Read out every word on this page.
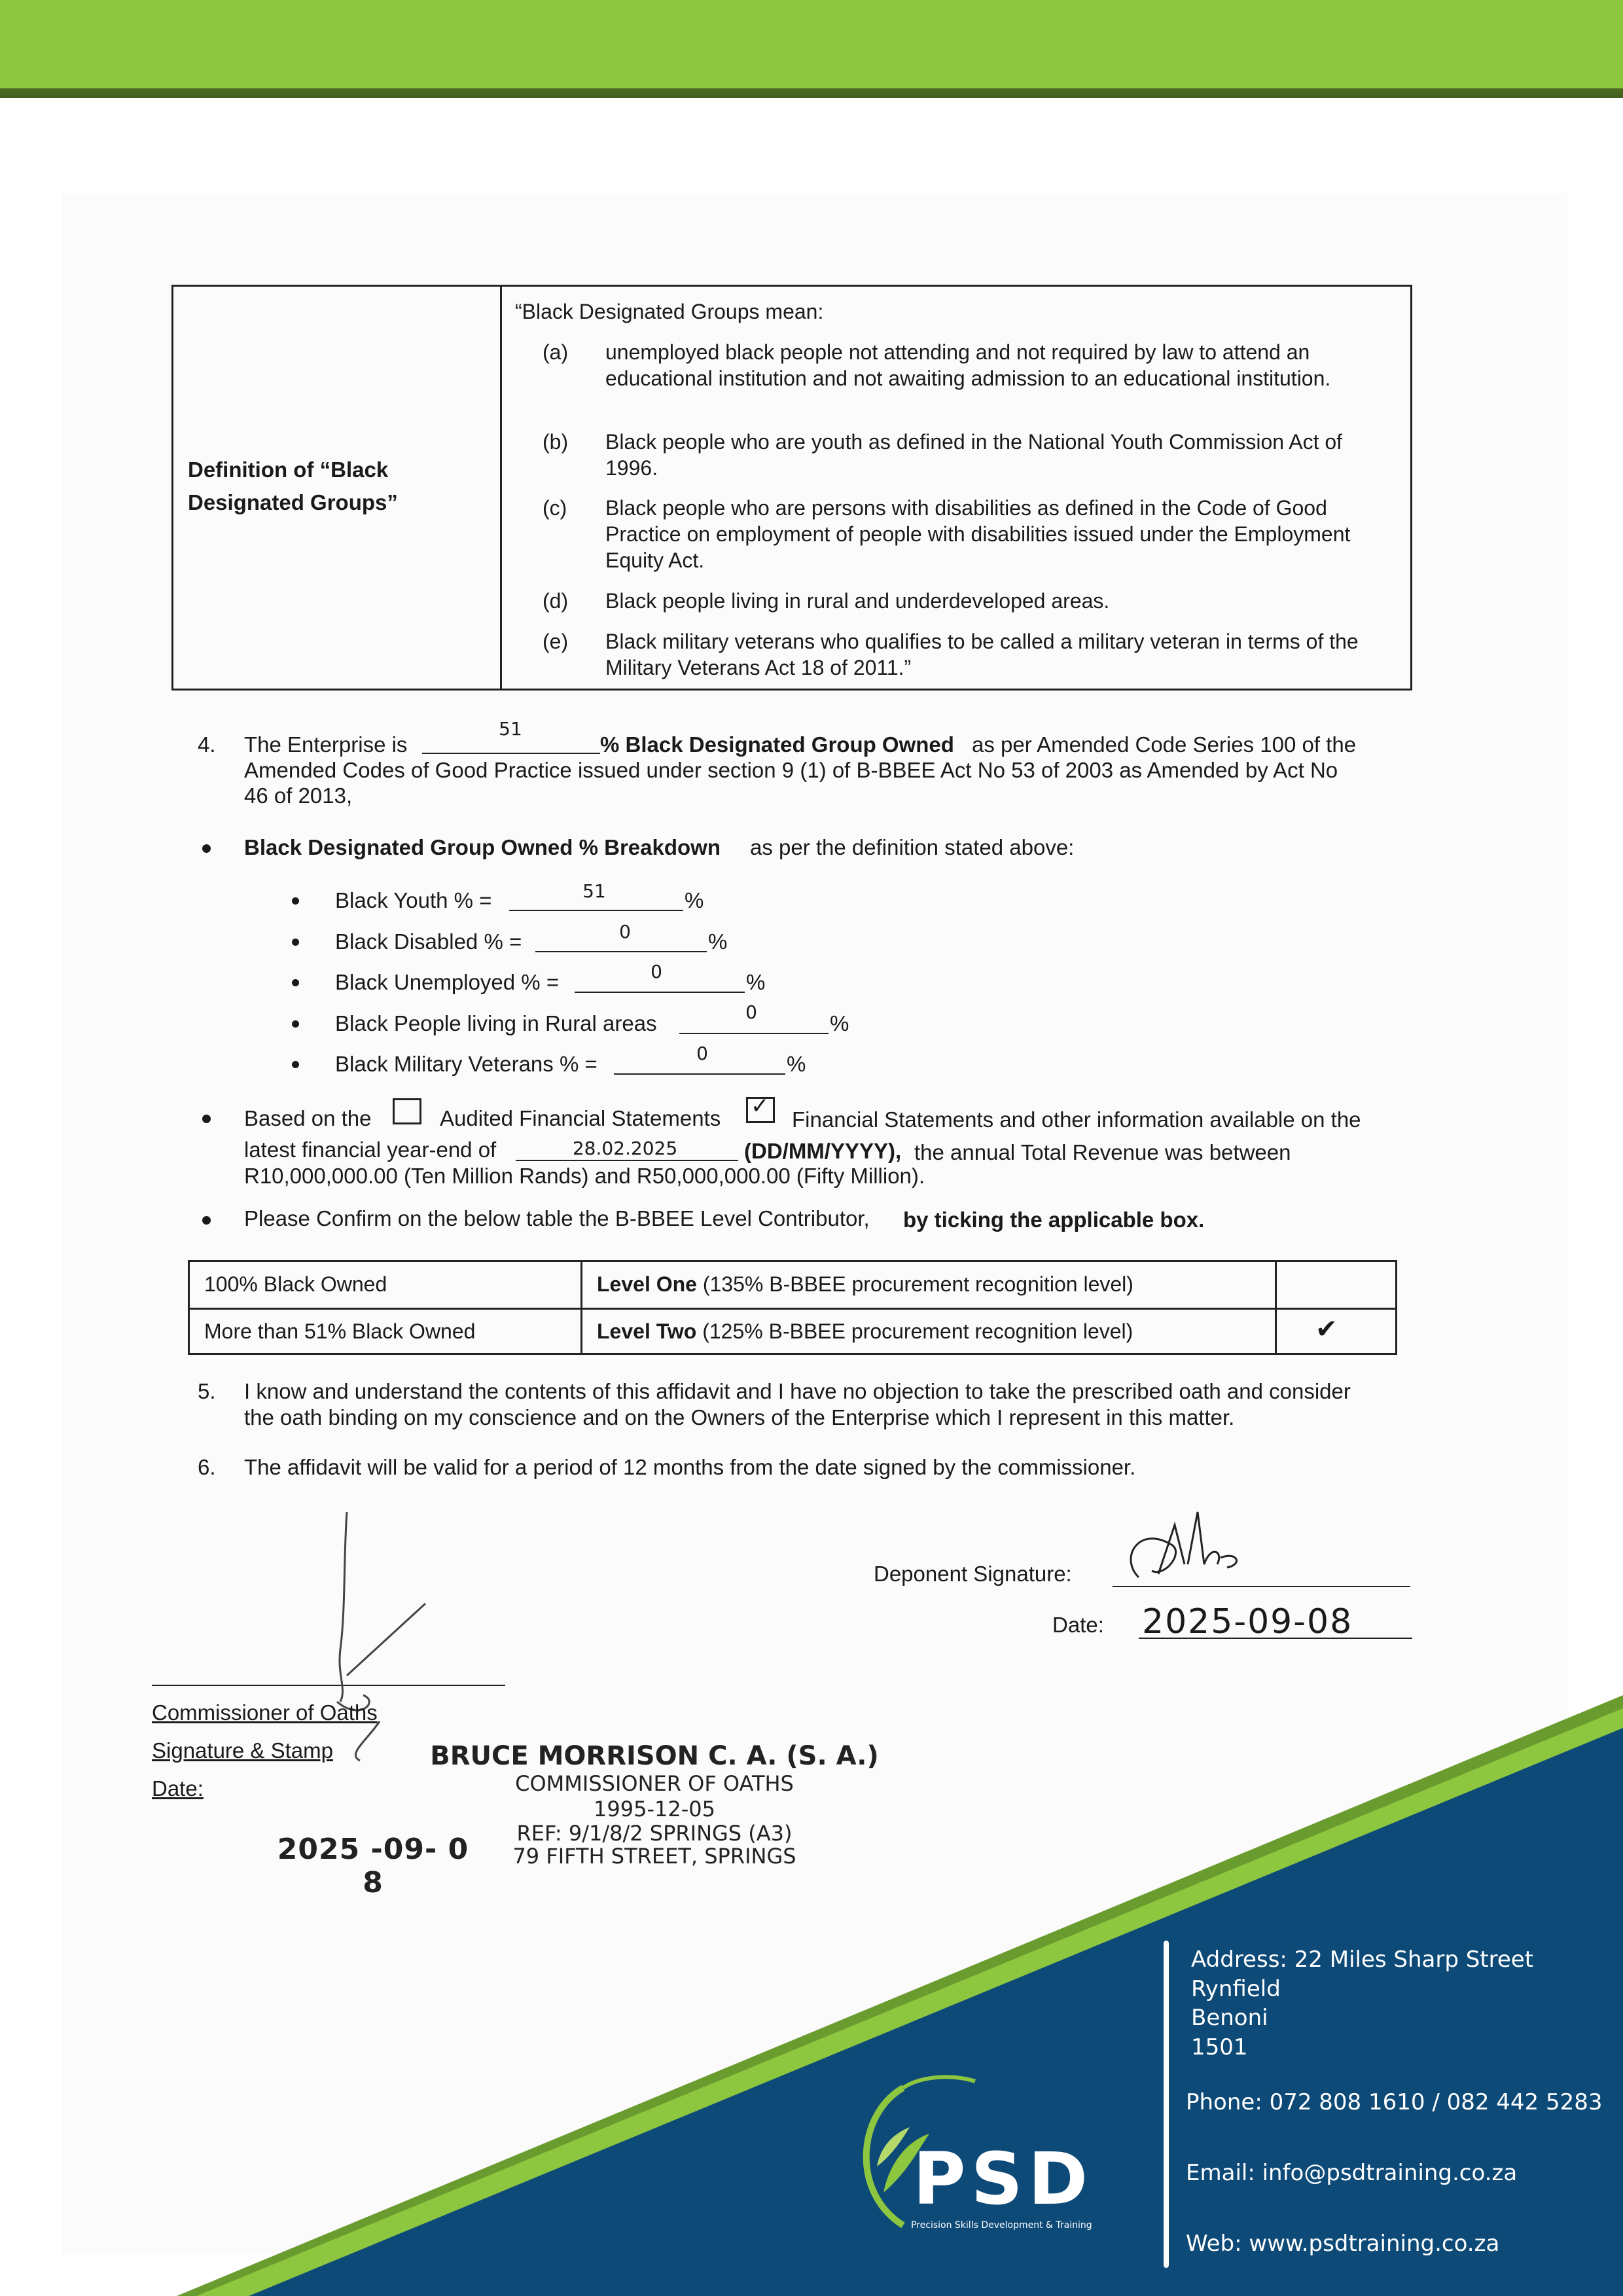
Definition of “Black Designated Groups”
“Black Designated Groups mean:
(a) unemployed black people not attending and not required by law to attend an educational institution and not awaiting admission to an educational institution.
(b) Black people who are youth as defined in the National Youth Commission Act of 1996.
(c) Black people who are persons with disabilities as defined in the Code of Good Practice on employment of people with disabilities issued under the Employment Equity Act.
(d) Black people living in rural and underdeveloped areas.
(e) Black military veterans who qualifies to be called a military veteran in terms of the Military Veterans Act 18 of 2011.”
4. The Enterprise is
51
% Black Designated Group Owned as per Amended Code Series 100 of the
Amended Codes of Good Practice issued under section 9 (1) of B-BBEE Act No 53 of 2003 as Amended by Act No
46 of 2013,
Black Designated Group Owned % Breakdown as per the definition stated above:
Black Youth % =	51	%
Black Disabled % =	0	%
Black Unemployed % =	0	%
Black People living in Rural areas	0	%
Black Military Veterans % =	0	%
Based on the	Audited Financial Statements ✓
Financial Statements and other information available on the
latest financial year-end of	28.02.2025	(DD/MM/YYYY), the annual Total Revenue was between
R10,000,000.00 (Ten Million Rands) and R50,000,000.00 (Fifty Million).
Please Confirm on the below table the B-BBEE Level Contributor, by ticking the applicable box.
100% Black Owned	Level One (135% B-BBEE procurement recognition level)
More than 51% Black Owned	Level Two (125% B-BBEE procurement recognition level)	✔
5. I know and understand the contents of this affidavit and I have no objection to take the prescribed oath and consider
the oath binding on my conscience and on the Owners of the Enterprise which I represent in this matter.
6. The affidavit will be valid for a period of 12 months from the date signed by the commissioner.
Deponent Signature:
Date: 2025-09-08
Commissioner of Oaths
Signature & Stamp
Date:
2025 -09- 0 8
BRUCE MORRISON C. A. (S. A.)
COMMISSIONER OF OATHS
1995-12-05
REF: 9/1/8/2 SPRINGS (A3)
79 FIFTH STREET, SPRINGS
PSD
Precision Skills Development & Training
Address: 22 Miles Sharp Street
Rynfield
Benoni
1501
Phone: 072 808 1610 / 082 442 5283
Email: info@psdtraining.co.za
Web: www.psdtraining.co.za
